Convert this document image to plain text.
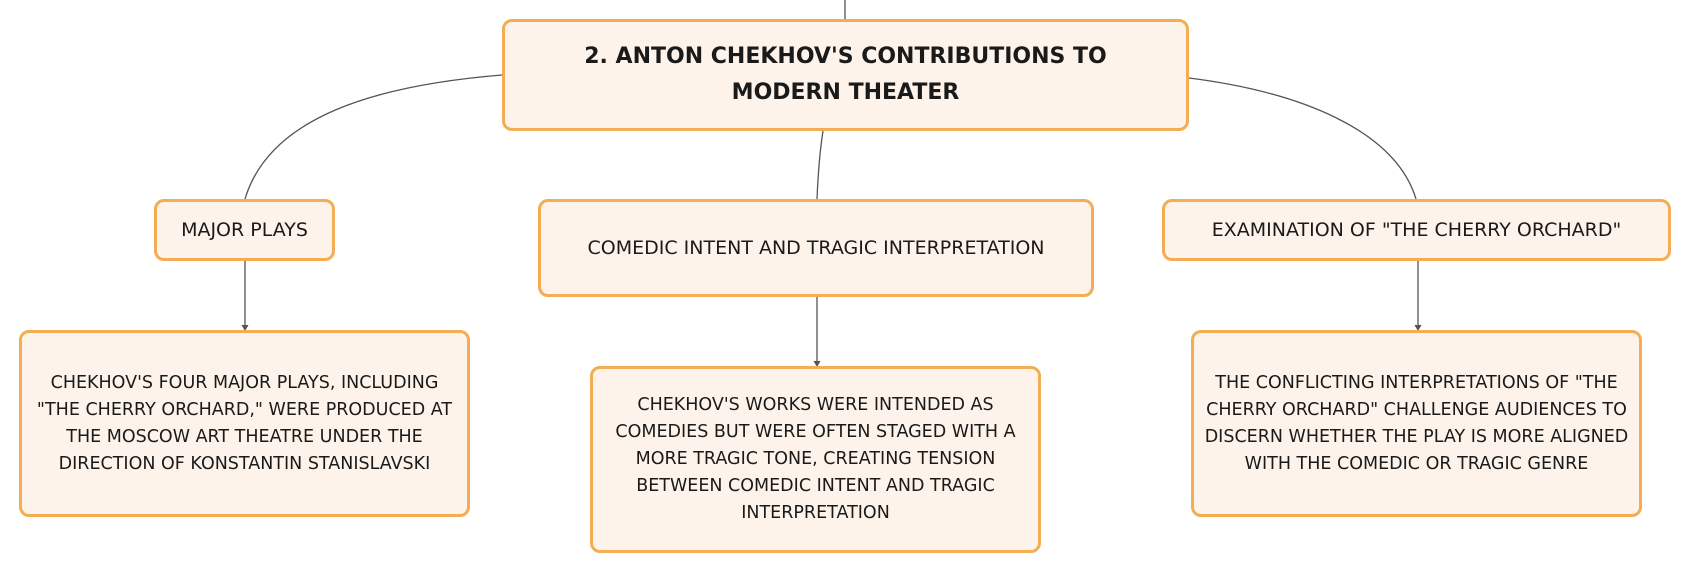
2. ANTON CHEKHOV'S CONTRIBUTIONS TO MODERN THEATER
MAJOR PLAYS
COMEDIC INTENT AND TRAGIC INTERPRETATION
EXAMINATION OF "THE CHERRY ORCHARD"
CHEKHOV'S FOUR MAJOR PLAYS, INCLUDING "THE CHERRY ORCHARD," WERE PRODUCED AT THE MOSCOW ART THEATRE UNDER THE DIRECTION OF KONSTANTIN STANISLAVSKI
CHEKHOV'S WORKS WERE INTENDED AS COMEDIES BUT WERE OFTEN STAGED WITH A MORE TRAGIC TONE, CREATING TENSION BETWEEN COMEDIC INTENT AND TRAGIC INTERPRETATION
THE CONFLICTING INTERPRETATIONS OF "THE CHERRY ORCHARD" CHALLENGE AUDIENCES TO DISCERN WHETHER THE PLAY IS MORE ALIGNED WITH THE COMEDIC OR TRAGIC GENRE
